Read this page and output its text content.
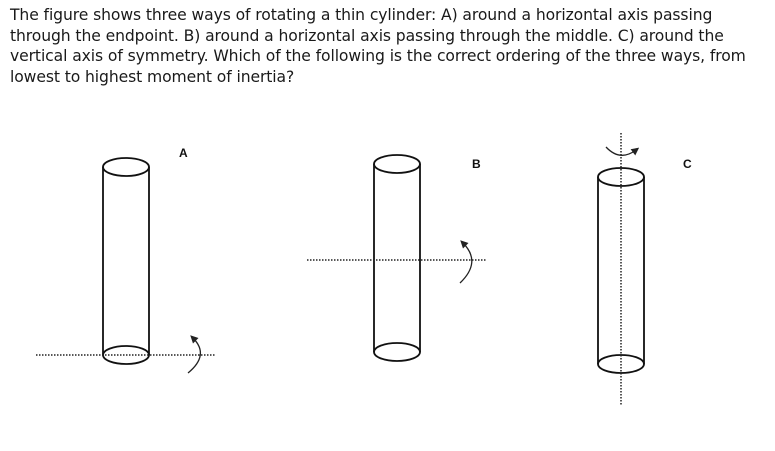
The figure shows three ways of rotating a thin cylinder: A) around a horizontal axis passing through the endpoint. B) around a horizontal axis passing through the middle. C) around the vertical axis of symmetry. Which of the following is the correct ordering of the three ways, from lowest to highest moment of inertia?
A
B	C
